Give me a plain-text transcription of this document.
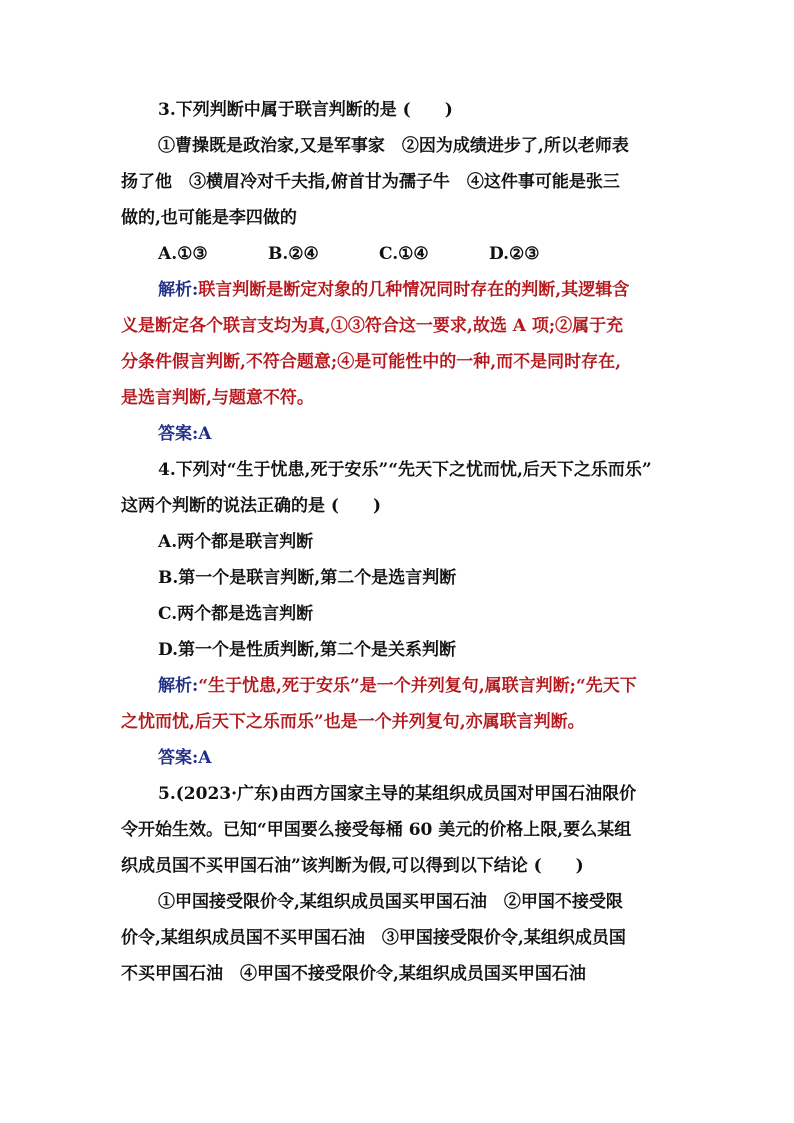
3.下列判断中属于联言判断的是 (　　)
①曹操既是政治家,又是军事家　②因为成绩进步了,所以老师表
扬了他　③横眉冷对千夫指,俯首甘为孺子牛　④这件事可能是张三
做的,也可能是李四做的
A.①③	B.②④	C.①④	D.②③
解析:联言判断是断定对象的几种情况同时存在的判断,其逻辑含
义是断定各个联言支均为真,①③符合这一要求,故选 A 项;②属于充
分条件假言判断,不符合题意;④是可能性中的一种,而不是同时存在,
是选言判断,与题意不符。
答案:A
4.下列对“生于忧患,死于安乐”“先天下之忧而忧,后天下之乐而乐”
这两个判断的说法正确的是 (　　)
A.两个都是联言判断
B.第一个是联言判断,第二个是选言判断
C.两个都是选言判断
D.第一个是性质判断,第二个是关系判断
解析:“生于忧患,死于安乐”是一个并列复句,属联言判断;“先天下
之忧而忧,后天下之乐而乐”也是一个并列复句,亦属联言判断。
答案:A
5.(2023·广东)由西方国家主导的某组织成员国对甲国石油限价
令开始生效。已知“甲国要么接受每桶 60 美元的价格上限,要么某组
织成员国不买甲国石油”该判断为假,可以得到以下结论 (　　)
①甲国接受限价令,某组织成员国买甲国石油　②甲国不接受限
价令,某组织成员国不买甲国石油　③甲国接受限价令,某组织成员国
不买甲国石油　④甲国不接受限价令,某组织成员国买甲国石油
